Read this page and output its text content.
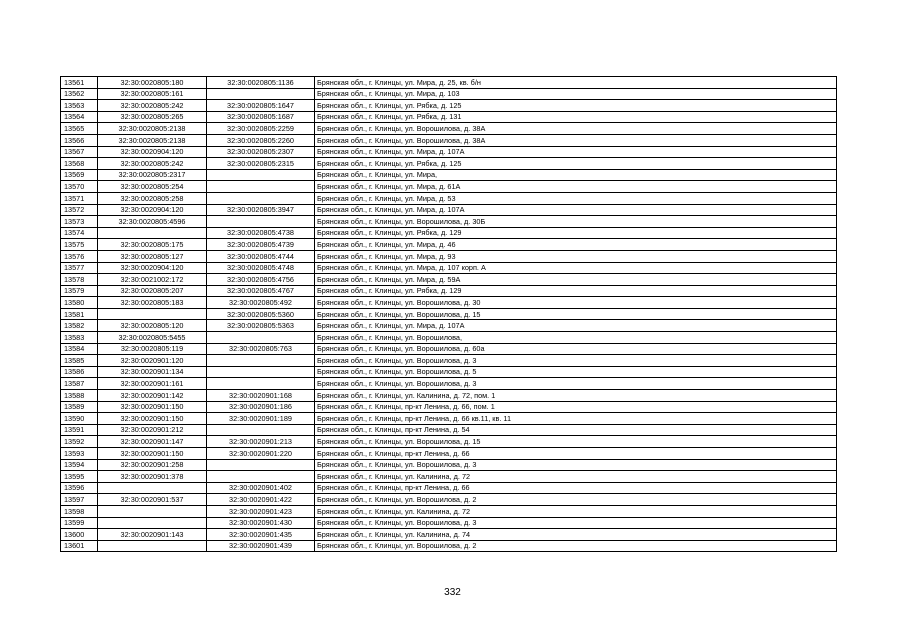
13561	32:30:0020805:180	32:30:0020805:1136	Брянская обл., г. Клинцы, ул. Мира, д. 25, кв. б/н
13562	32:30:0020805:161		Брянская обл., г. Клинцы, ул. Мира, д. 103
13563	32:30:0020805:242	32:30:0020805:1647	Брянская обл., г. Клинцы, ул. Рябка, д. 125
13564	32:30:0020805:265	32:30:0020805:1687	Брянская обл., г. Клинцы, ул. Рябка, д. 131
13565	32:30:0020805:2138	32:30:0020805:2259	Брянская обл., г. Клинцы, ул. Ворошилова, д. 38А
13566	32:30:0020805:2138	32:30:0020805:2260	Брянская обл., г. Клинцы, ул. Ворошилова, д. 38А
13567	32:30:0020904:120	32:30:0020805:2307	Брянская обл., г. Клинцы, ул. Мира, д. 107А
13568	32:30:0020805:242	32:30:0020805:2315	Брянская обл., г. Клинцы, ул. Рябка, д. 125
13569	32:30:0020805:2317		Брянская обл., г. Клинцы, ул. Мира,
13570	32:30:0020805:254		Брянская обл., г. Клинцы, ул. Мира, д. 61А
13571	32:30:0020805:258		Брянская обл., г. Клинцы, ул. Мира, д. 53
13572	32:30:0020904:120	32:30:0020805:3947	Брянская обл., г. Клинцы, ул. Мира, д. 107А
13573	32:30:0020805:4596		Брянская обл., г. Клинцы, ул. Ворошилова, д. 30Б
13574		32:30:0020805:4738	Брянская обл., г. Клинцы, ул. Рябка, д. 129
13575	32:30:0020805:175	32:30:0020805:4739	Брянская обл., г. Клинцы, ул. Мира, д. 46
13576	32:30:0020805:127	32:30:0020805:4744	Брянская обл., г. Клинцы, ул. Мира, д. 93
13577	32:30:0020904:120	32:30:0020805:4748	Брянская обл., г. Клинцы, ул. Мира, д. 107 корп. А
13578	32:30:0021002:172	32:30:0020805:4756	Брянская обл., г. Клинцы, ул. Мира, д. 59А
13579	32:30:0020805:207	32:30:0020805:4767	Брянская обл., г. Клинцы, ул. Рябка, д. 129
13580	32:30:0020805:183	32:30:0020805:492	Брянская обл., г. Клинцы, ул. Ворошилова, д. 30
13581		32:30:0020805:5360	Брянская обл., г. Клинцы, ул. Ворошилова, д. 15
13582	32:30:0020805:120	32:30:0020805:5363	Брянская обл., г. Клинцы, ул. Мира, д. 107А
13583	32:30:0020805:5455		Брянская обл., г. Клинцы, ул. Ворошилова,
13584	32:30:0020805:119	32:30:0020805:763	Брянская обл., г. Клинцы, ул. Ворошилова, д. 60а
13585	32:30:0020901:120		Брянская обл., г. Клинцы, ул. Ворошилова, д. 3
13586	32:30:0020901:134		Брянская обл., г. Клинцы, ул. Ворошилова, д. 5
13587	32:30:0020901:161		Брянская обл., г. Клинцы, ул. Ворошилова, д. 3
13588	32:30:0020901:142	32:30:0020901:168	Брянская обл., г. Клинцы, ул. Калинина, д. 72, пом. 1
13589	32:30:0020901:150	32:30:0020901:186	Брянская обл., г. Клинцы, пр-кт Ленина, д. 66, пом. 1
13590	32:30:0020901:150	32:30:0020901:189	Брянская обл., г. Клинцы, пр-кт Ленина, д. 66 кв.11, кв. 11
13591	32:30:0020901:212		Брянская обл., г. Клинцы, пр-кт Ленина, д. 54
13592	32:30:0020901:147	32:30:0020901:213	Брянская обл., г. Клинцы, ул. Ворошилова, д. 15
13593	32:30:0020901:150	32:30:0020901:220	Брянская обл., г. Клинцы, пр-кт Ленина, д. 66
13594	32:30:0020901:258		Брянская обл., г. Клинцы, ул. Ворошилова, д. 3
13595	32:30:0020901:378		Брянская обл., г. Клинцы, ул. Калинина, д. 72
13596		32:30:0020901:402	Брянская обл., г. Клинцы, пр-кт Ленина, д. 66
13597	32:30:0020901:537	32:30:0020901:422	Брянская обл., г. Клинцы, ул. Ворошилова, д. 2
13598		32:30:0020901:423	Брянская обл., г. Клинцы, ул. Калинина, д. 72
13599		32:30:0020901:430	Брянская обл., г. Клинцы, ул. Ворошилова, д. 3
13600	32:30:0020901:143	32:30:0020901:435	Брянская обл., г. Клинцы, ул. Калинина, д. 74
13601		32:30:0020901:439	Брянская обл., г. Клинцы, ул. Ворошилова, д. 2
332
